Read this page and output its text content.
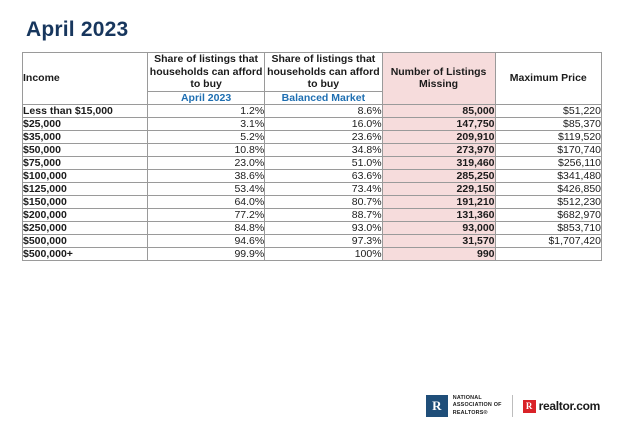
April 2023
Income	Share of listings that households can afford to buy	Share of listings that households can afford to buy	Number of Listings Missing	Maximum Price
	April 2023	Balanced Market		
Less than $15,000	1.2%	8.6%	85,000	$51,220
$25,000	3.1%	16.0%	147,750	$85,370
$35,000	5.2%	23.6%	209,910	$119,520
$50,000	10.8%	34.8%	273,970	$170,740
$75,000	23.0%	51.0%	319,460	$256,110
$100,000	38.6%	63.6%	285,250	$341,480
$125,000	53.4%	73.4%	229,150	$426,850
$150,000	64.0%	80.7%	191,210	$512,230
$200,000	77.2%	88.7%	131,360	$682,970
$250,000	84.8%	93.0%	93,000	$853,710
$500,000	94.6%	97.3%	31,570	$1,707,420
$500,000+	99.9%	100%	990	
R
NATIONAL
ASSOCIATION OF
REALTORS®
R realtor.com
